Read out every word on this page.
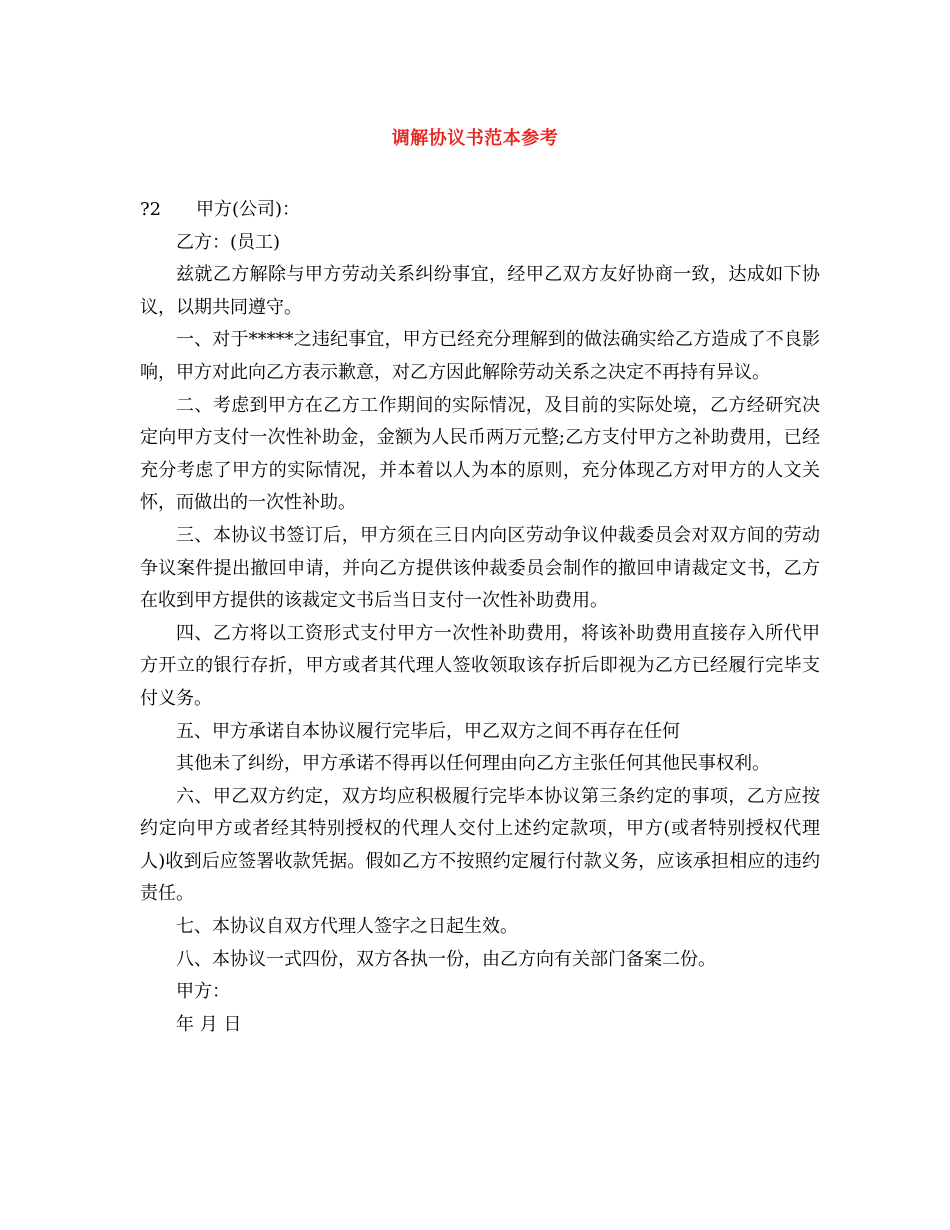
调解协议书范本参考

?2 甲方(公司)：

乙方：(员工)

兹就乙方解除与甲方劳动关系纠纷事宜，经甲乙双方友好协商一致，达成如下协议，以期共同遵守。

一、对于*****之违纪事宜，甲方已经充分理解到的做法确实给乙方造成了不良影响，甲方对此向乙方表示歉意，对乙方因此解除劳动关系之决定不再持有异议。

二、考虑到甲方在乙方工作期间的实际情况，及目前的实际处境，乙方经研究决定向甲方支付一次性补助金，金额为人民币两万元整;乙方支付甲方之补助费用，已经充分考虑了甲方的实际情况，并本着以人为本的原则，充分体现乙方对甲方的人文关怀，而做出的一次性补助。

三、本协议书签订后，甲方须在三日内向区劳动争议仲裁委员会对双方间的劳动争议案件提出撤回申请，并向乙方提供该仲裁委员会制作的撤回申请裁定文书，乙方在收到甲方提供的该裁定文书后当日支付一次性补助费用。

四、乙方将以工资形式支付甲方一次性补助费用，将该补助费用直接存入所代甲方开立的银行存折，甲方或者其代理人签收领取该存折后即视为乙方已经履行完毕支付义务。

五、甲方承诺自本协议履行完毕后，甲乙双方之间不再存在任何

其他未了纠纷，甲方承诺不得再以任何理由向乙方主张任何其他民事权利。

六、甲乙双方约定，双方均应积极履行完毕本协议第三条约定的事项，乙方应按约定向甲方或者经其特别授权的代理人交付上述约定款项，甲方(或者特别授权代理人)收到后应签署收款凭据。假如乙方不按照约定履行付款义务，应该承担相应的违约责任。

七、本协议自双方代理人签字之日起生效。

八、本协议一式四份，双方各执一份，由乙方向有关部门备案二份。

甲方：

年 月 日
